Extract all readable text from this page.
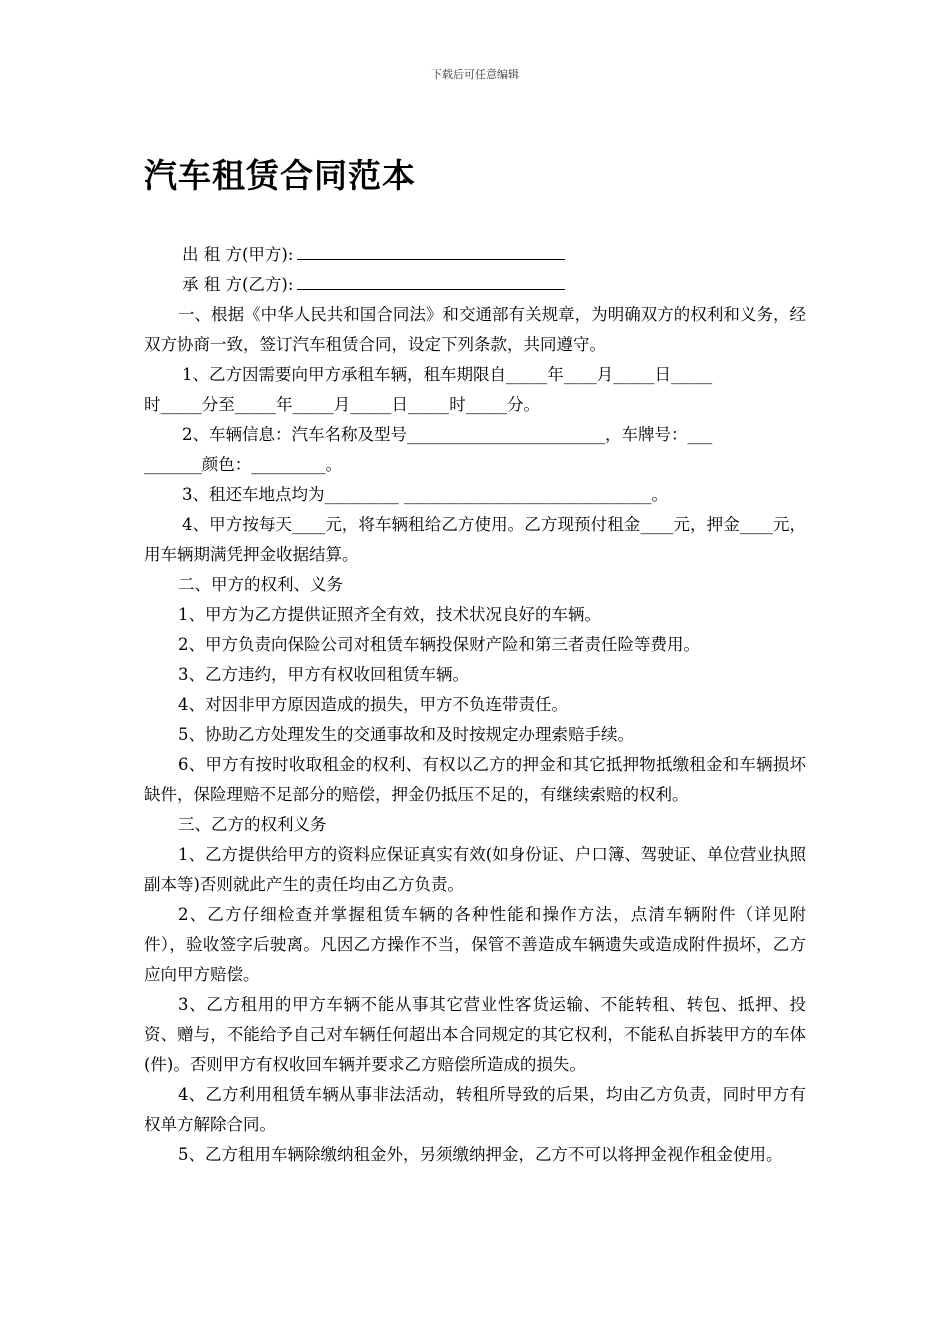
下载后可任意编辑
汽车租赁合同范本

出 租 方(甲方):

承 租 方(乙方):

一、根据《中华人民共和国合同法》和交通部有关规章，为明确双方的权利和义务，经双方协商一致，签订汽车租赁合同，设定下列条款，共同遵守。

1、乙方因需要向甲方承租车辆，租车期限自_____年____月_____日_____

时_____分至_____年_____月_____日_____时_____分。

2、车辆信息：汽车名称及型号________________________，车牌号：___

_______颜色：_________。

3、租还车地点均为_________ ______________________________。

4、甲方按每天____元，将车辆租给乙方使用。乙方现预付租金____元，押金____元，用车辆期满凭押金收据结算。

二、甲方的权利、义务

1、甲方为乙方提供证照齐全有效，技术状况良好的车辆。

2、甲方负责向保险公司对租赁车辆投保财产险和第三者责任险等费用。

3、乙方违约，甲方有权收回租赁车辆。

4、对因非甲方原因造成的损失，甲方不负连带责任。

5、协助乙方处理发生的交通事故和及时按规定办理索赔手续。

6、甲方有按时收取租金的权利、有权以乙方的押金和其它抵押物抵缴租金和车辆损坏缺件，保险理赔不足部分的赔偿，押金仍抵压不足的，有继续索赔的权利。

三、乙方的权利义务

1、乙方提供给甲方的资料应保证真实有效(如身份证、户口簿、驾驶证、单位营业执照副本等)否则就此产生的责任均由乙方负责。

2、乙方仔细检查并掌握租赁车辆的各种性能和操作方法，点清车辆附件（详见附件），验收签字后驶离。凡因乙方操作不当，保管不善造成车辆遗失或造成附件损坏，乙方应向甲方赔偿。

3、乙方租用的甲方车辆不能从事其它营业性客货运输、不能转租、转包、抵押、投资、赠与，不能给予自己对车辆任何超出本合同规定的其它权利，不能私自拆装甲方的车体(件)。否则甲方有权收回车辆并要求乙方赔偿所造成的损失。

4、乙方利用租赁车辆从事非法活动，转租所导致的后果，均由乙方负责，同时甲方有权单方解除合同。

5、乙方租用车辆除缴纳租金外，另须缴纳押金，乙方不可以将押金视作租金使用。
